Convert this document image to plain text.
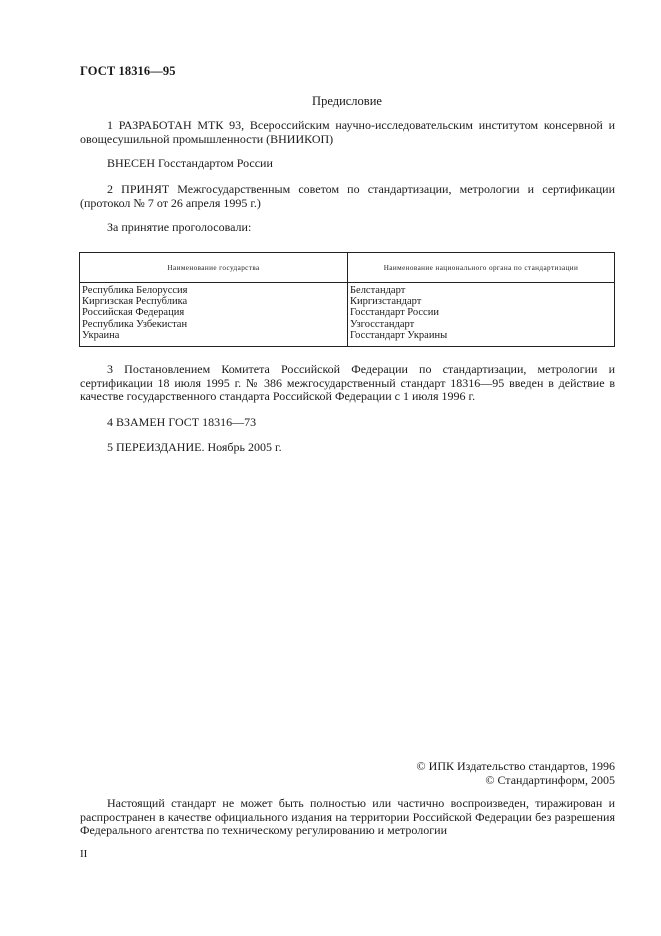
ГОСТ 18316—95
Предисловие
1 РАЗРАБОТАН МТК 93, Всероссийским научно-исследовательским институтом консервной и овощесушильной промышленности (ВНИИКОП)
ВНЕСЕН Госстандартом России
2 ПРИНЯТ Межгосударственным советом по стандартизации, метрологии и сертификации (протокол № 7 от 26 апреля 1995 г.)
За принятие проголосовали:
Наименование государства	Наименование национального органа по стандартизации
Республика Белоруссия
Киргизская Республика
Российская Федерация
Республика Узбекистан
Украина
Белстандарт
Киргизстандарт
Госстандарт России
Узгосстандарт
Госстандарт Украины
3 Постановлением Комитета Российской Федерации по стандартизации, метрологии и сертификации 18 июля 1995 г. № 386 межгосударственный стандарт 18316—95 введен в действие в качестве государственного стандарта Российской Федерации с 1 июля 1996 г.
4 ВЗАМЕН ГОСТ 18316—73
5 ПЕРЕИЗДАНИЕ. Ноябрь 2005 г.
© ИПК Издательство стандартов, 1996
© Стандартинформ, 2005
Настоящий стандарт не может быть полностью или частично воспроизведен, тиражирован и распространен в качестве официального издания на территории Российской Федерации без разрешения Федерального агентства по техническому регулированию и метрологии
II
